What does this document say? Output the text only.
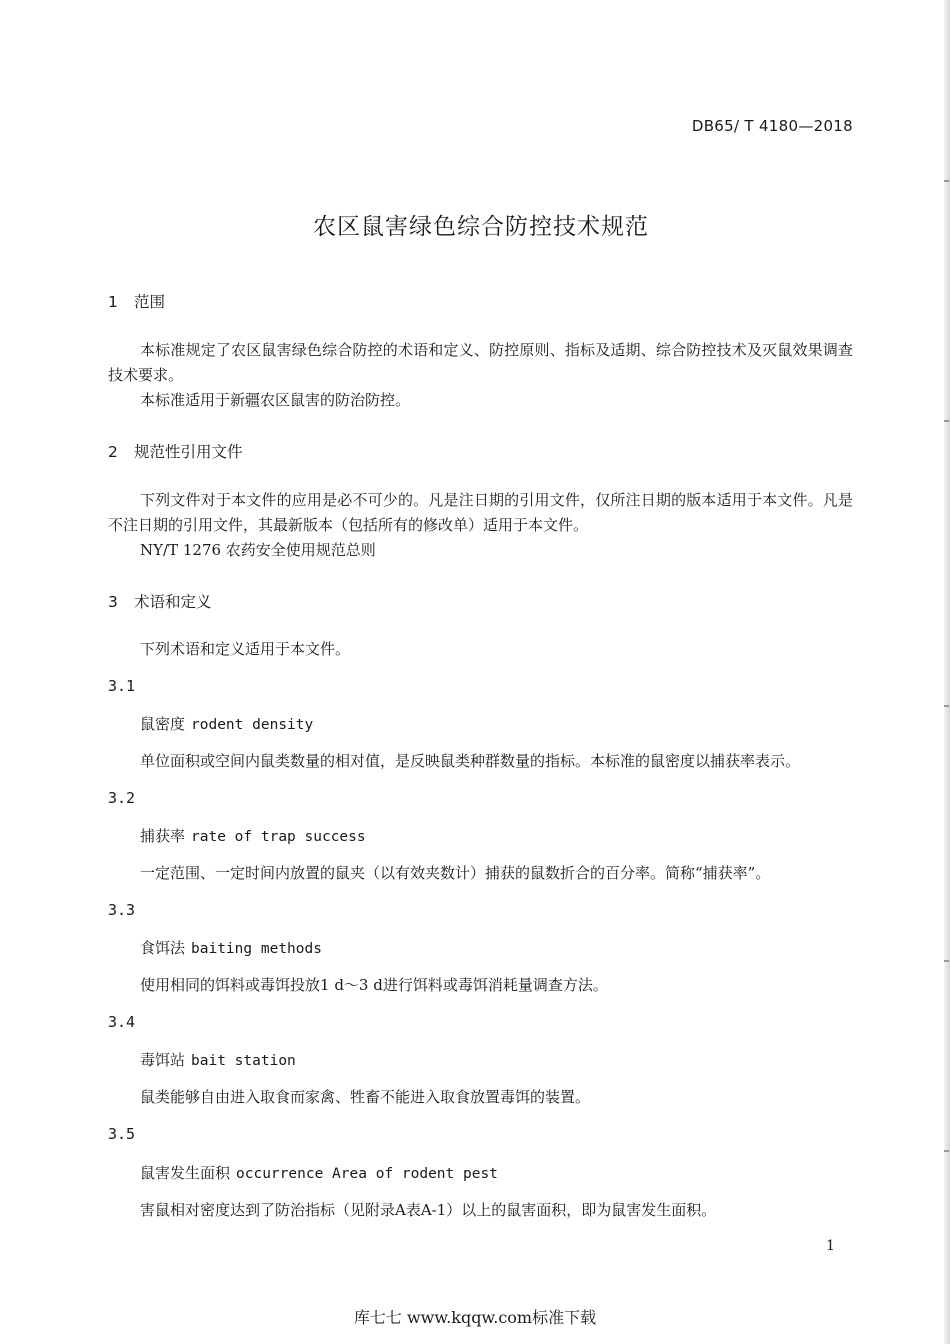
DB65/ T 4180—2018
农区鼠害绿色综合防控技术规范
1 范围
本标准规定了农区鼠害绿色综合防控的术语和定义、防控原则、指标及适期、综合防控技术及灭鼠效果调查技术要求。
本标准适用于新疆农区鼠害的防治防控。
2 规范性引用文件
下列文件对于本文件的应用是必不可少的。凡是注日期的引用文件，仅所注日期的版本适用于本文件。凡是不注日期的引用文件，其最新版本（包括所有的修改单）适用于本文件。
NY/T 1276 农药安全使用规范总则
3 术语和定义
下列术语和定义适用于本文件。
3.1
鼠密度 rodent density
单位面积或空间内鼠类数量的相对值，是反映鼠类种群数量的指标。本标准的鼠密度以捕获率表示。
3.2
捕获率 rate of trap success
一定范围、一定时间内放置的鼠夹（以有效夹数计）捕获的鼠数折合的百分率。简称“捕获率”。
3.3
食饵法 baiting methods
使用相同的饵料或毒饵投放1 d～3 d进行饵料或毒饵消耗量调查方法。
3.4
毒饵站 bait station
鼠类能够自由进入取食而家禽、牲畜不能进入取食放置毒饵的装置。
3.5
鼠害发生面积 occurrence Area of rodent pest
害鼠相对密度达到了防治指标（见附录A表A-1）以上的鼠害面积，即为鼠害发生面积。
1
库七七 www.kqqw.com标准下载
